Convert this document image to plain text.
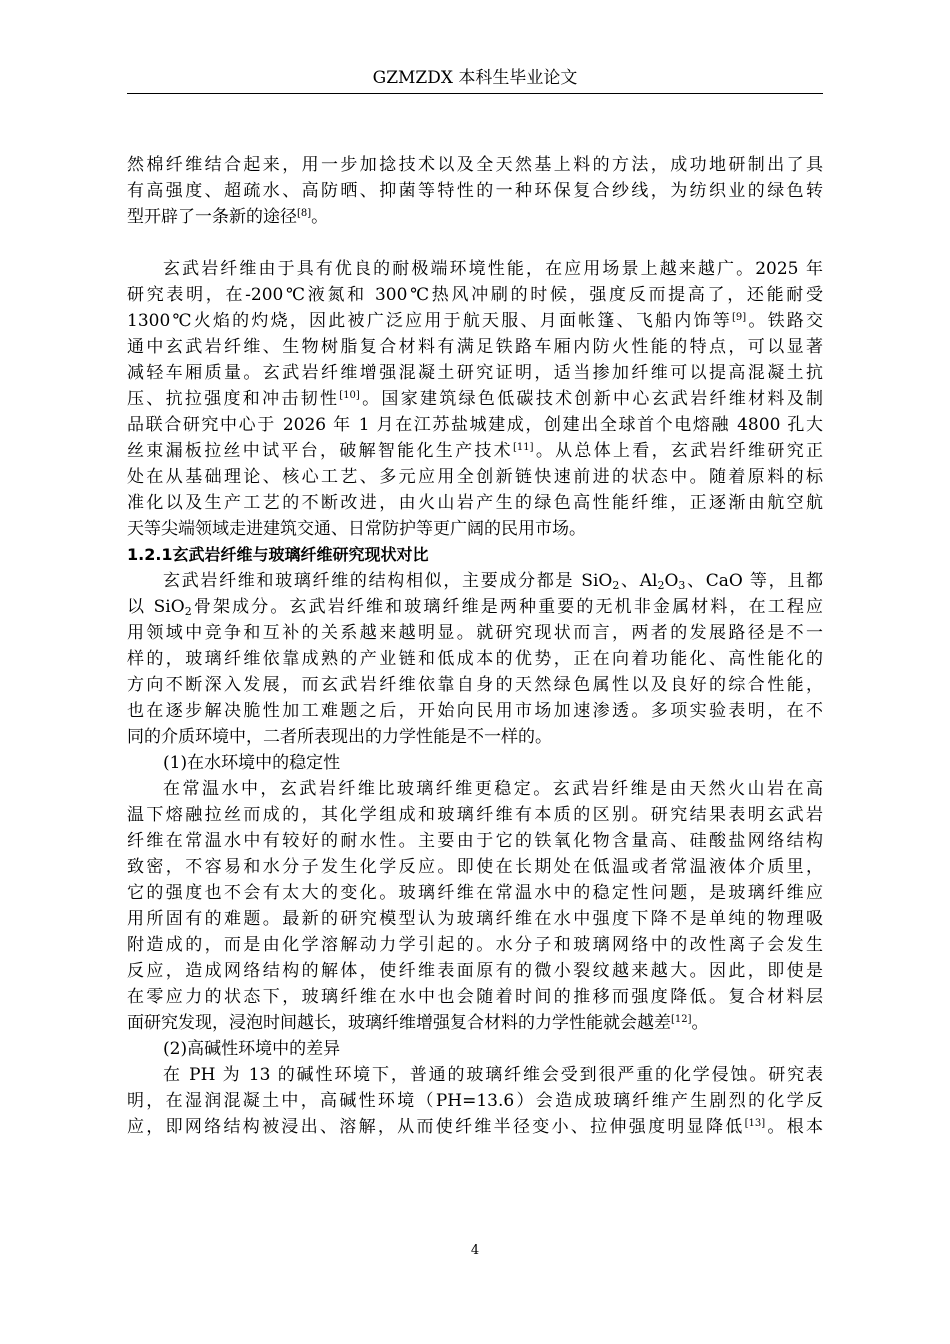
GZMZDX 本科生毕业论文
然棉纤维结合起来，用一步加捻技术以及全天然基上料的方法，成功地研制出了具
有高强度、超疏水、高防晒、抑菌等特性的一种环保复合纱线，为纺织业的绿色转
型开辟了一条新的途径[8]。
玄武岩纤维由于具有优良的耐极端环境性能，在应用场景上越来越广。2025 年
研究表明，在-200℃液氮和 300℃热风冲刷的时候，强度反而提高了，还能耐受
1300℃火焰的灼烧，因此被广泛应用于航天服、月面帐篷、飞船内饰等[9]。铁路交
通中玄武岩纤维、生物树脂复合材料有满足铁路车厢内防火性能的特点，可以显著
减轻车厢质量。玄武岩纤维增强混凝土研究证明，适当掺加纤维可以提高混凝土抗
压、抗拉强度和冲击韧性[10]。国家建筑绿色低碳技术创新中心玄武岩纤维材料及制
品联合研究中心于 2026 年 1 月在江苏盐城建成，创建出全球首个电熔融 4800 孔大
丝束漏板拉丝中试平台，破解智能化生产技术[11]。从总体上看，玄武岩纤维研究正
处在从基础理论、核心工艺、多元应用全创新链快速前进的状态中。随着原料的标
准化以及生产工艺的不断改进，由火山岩产生的绿色高性能纤维，正逐渐由航空航
天等尖端领域走进建筑交通、日常防护等更广阔的民用市场。
1.2.1玄武岩纤维与玻璃纤维研究现状对比
玄武岩纤维和玻璃纤维的结构相似，主要成分都是 SiO$_2$、$Al_2O_3$、CaO 等，且都
以 SiO$_2$骨架成分。玄武岩纤维和玻璃纤维是两种重要的无机非金属材料，在工程应
用领域中竞争和互补的关系越来越明显。就研究现状而言，两者的发展路径是不一
样的，玻璃纤维依靠成熟的产业链和低成本的优势，正在向着功能化、高性能化的
方向不断深入发展，而玄武岩纤维依靠自身的天然绿色属性以及良好的综合性能，
也在逐步解决脆性加工难题之后，开始向民用市场加速渗透。多项实验表明，在不
同的介质环境中，二者所表现出的力学性能是不一样的。
(1)在水环境中的稳定性
在常温水中，玄武岩纤维比玻璃纤维更稳定。玄武岩纤维是由天然火山岩在高
温下熔融拉丝而成的，其化学组成和玻璃纤维有本质的区别。研究结果表明玄武岩
纤维在常温水中有较好的耐水性。主要由于它的铁氧化物含量高、硅酸盐网络结构
致密，不容易和水分子发生化学反应。即使在长期处在低温或者常温液体介质里，
它的强度也不会有太大的变化。玻璃纤维在常温水中的稳定性问题，是玻璃纤维应
用所固有的难题。最新的研究模型认为玻璃纤维在水中强度下降不是单纯的物理吸
附造成的，而是由化学溶解动力学引起的。水分子和玻璃网络中的改性离子会发生
反应，造成网络结构的解体，使纤维表面原有的微小裂纹越来越大。因此，即使是
在零应力的状态下，玻璃纤维在水中也会随着时间的推移而强度降低。复合材料层
面研究发现，浸泡时间越长，玻璃纤维增强复合材料的力学性能就会越差[12]。
(2)高碱性环境中的差异
在 PH 为 13 的碱性环境下，普通的玻璃纤维会受到很严重的化学侵蚀。研究表
明，在湿润混凝土中，高碱性环境（PH=13.6）会造成玻璃纤维产生剧烈的化学反
应，即网络结构被浸出、溶解，从而使纤维半径变小、拉伸强度明显降低[13]。根本
4
